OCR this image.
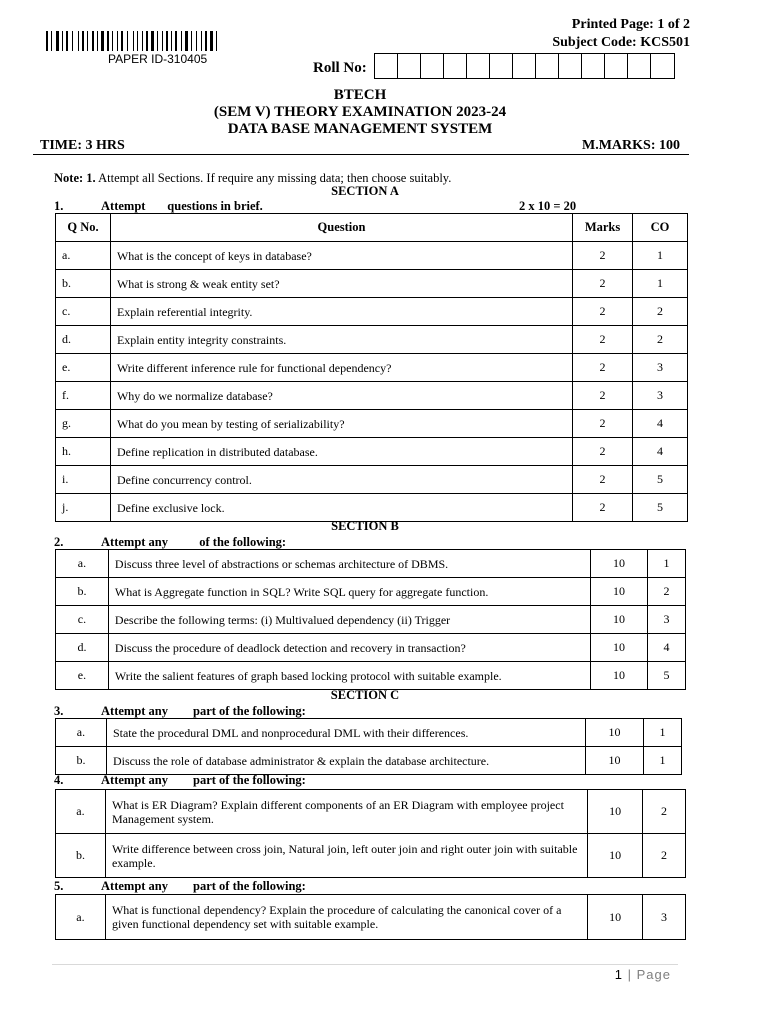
PAPER ID-310405
Printed Page: 1 of 2
Subject Code: KCS501
Roll No:
BTECH
(SEM V) THEORY EXAMINATION 2023-24
DATA BASE MANAGEMENT SYSTEM
TIME: 3 HRS	M.MARKS: 100
Note: 1. Attempt all Sections. If require any missing data; then choose suitably.
SECTION A
1.	Attempt       questions in brief.	2 x 10 = 20
Q No.	Question	Marks	CO
a.	What is the concept of keys in database?	2	1
b.	What is strong & weak entity set?	2	1
c.	Explain referential integrity.	2	2
d.	Explain entity integrity constraints.	2	2
e.	Write different inference rule for functional dependency?	2	3
f.	Why do we normalize database?	2	3
g.	What do you mean by testing of serializability?	2	4
h.	Define replication in distributed database.	2	4
i.	Define concurrency control.	2	5
j.	Define exclusive lock.	2	5
SECTION B
2.	Attempt any          of the following:
a.	Discuss three level of abstractions or schemas architecture of DBMS.	10	1
b.	What is Aggregate function in SQL? Write SQL query for aggregate function.	10	2
c.	Describe the following terms: (i) Multivalued dependency (ii) Trigger	10	3
d.	Discuss the procedure of deadlock detection and recovery in transaction?	10	4
e.	Write the salient features of graph based locking protocol with suitable example.	10	5
SECTION C
3.	Attempt any        part of the following:
a.	State the procedural DML and nonprocedural DML with their differences.	10	1
b.	Discuss the role of database administrator & explain the database architecture.	10	1
4.	Attempt any        part of the following:
a.	What is ER Diagram? Explain different components of an ER Diagram with employee project Management system.	10	2
b.	Write difference between cross join, Natural join, left outer join and right outer join with suitable example.	10	2
5.	Attempt any        part of the following:
a.	What is functional dependency? Explain the procedure of calculating the canonical cover of a given functional dependency set with suitable example.	10	3
1 | Page
